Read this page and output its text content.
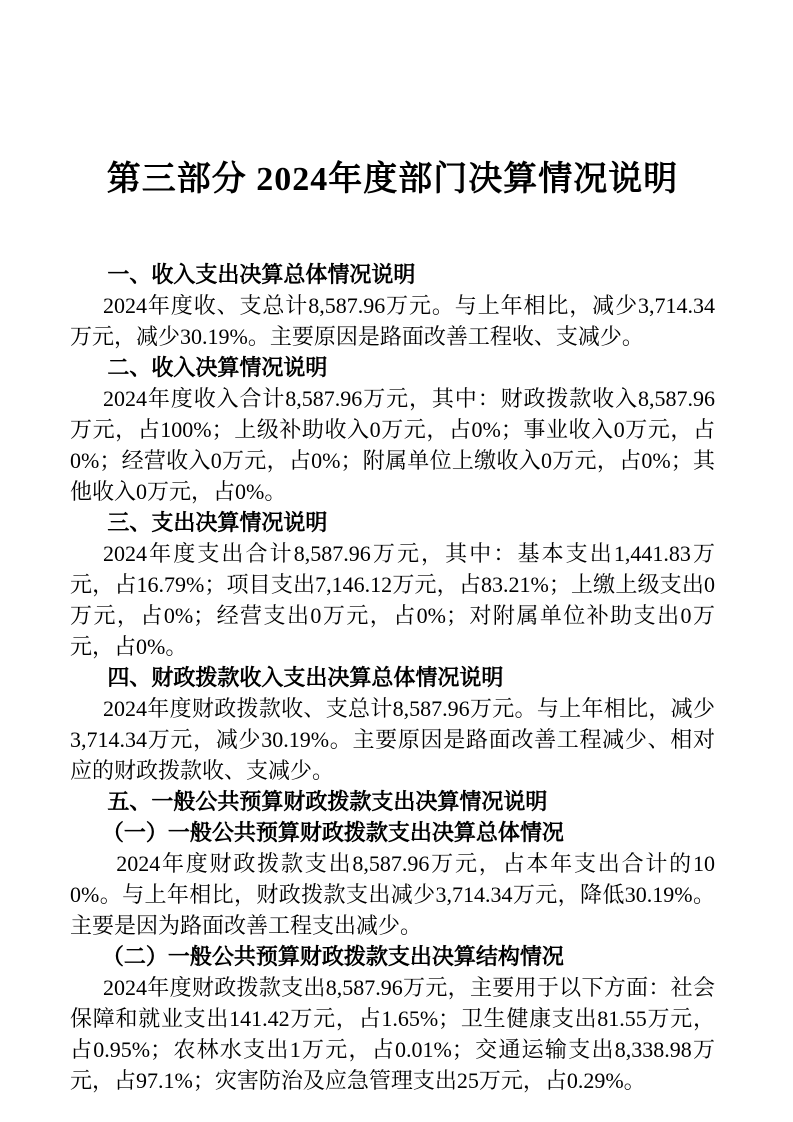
第三部分 2024年度部门决算情况说明
一、收入支出决算总体情况说明

2024年度收、支总计8,587.96万元。与上年相比，减少3,714.34万元，减少30.19%。主要原因是路面改善工程收、支减少。

二、收入决算情况说明

2024年度收入合计8,587.96万元，其中：财政拨款收入8,587.96万元，占100%；上级补助收入0万元，占0%；事业收入0万元，占0%；经营收入0万元，占0%；附属单位上缴收入0万元，占0%；其他收入0万元，占0%。

三、支出决算情况说明

2024年度支出合计8,587.96万元，其中：基本支出1,441.83万元，占16.79%；项目支出7,146.12万元，占83.21%；上缴上级支出0万元，占0%；经营支出0万元，占0%；对附属单位补助支出0万元，占0%。

四、财政拨款收入支出决算总体情况说明

2024年度财政拨款收、支总计8,587.96万元。与上年相比，减少3,714.34万元，减少30.19%。主要原因是路面改善工程减少、相对应的财政拨款收、支减少。

五、一般公共预算财政拨款支出决算情况说明
（一）一般公共预算财政拨款支出决算总体情况

2024年度财政拨款支出8,587.96万元，占本年支出合计的100%。与上年相比，财政拨款支出减少3,714.34万元，降低30.19%。主要是因为路面改善工程支出减少。

（二）一般公共预算财政拨款支出决算结构情况

2024年度财政拨款支出8,587.96万元，主要用于以下方面：社会保障和就业支出141.42万元，占1.65%；卫生健康支出81.55万元，占0.95%；农林水支出1万元，占0.01%；交通运输支出8,338.98万元，占97.1%；灾害防治及应急管理支出25万元，占0.29%。
